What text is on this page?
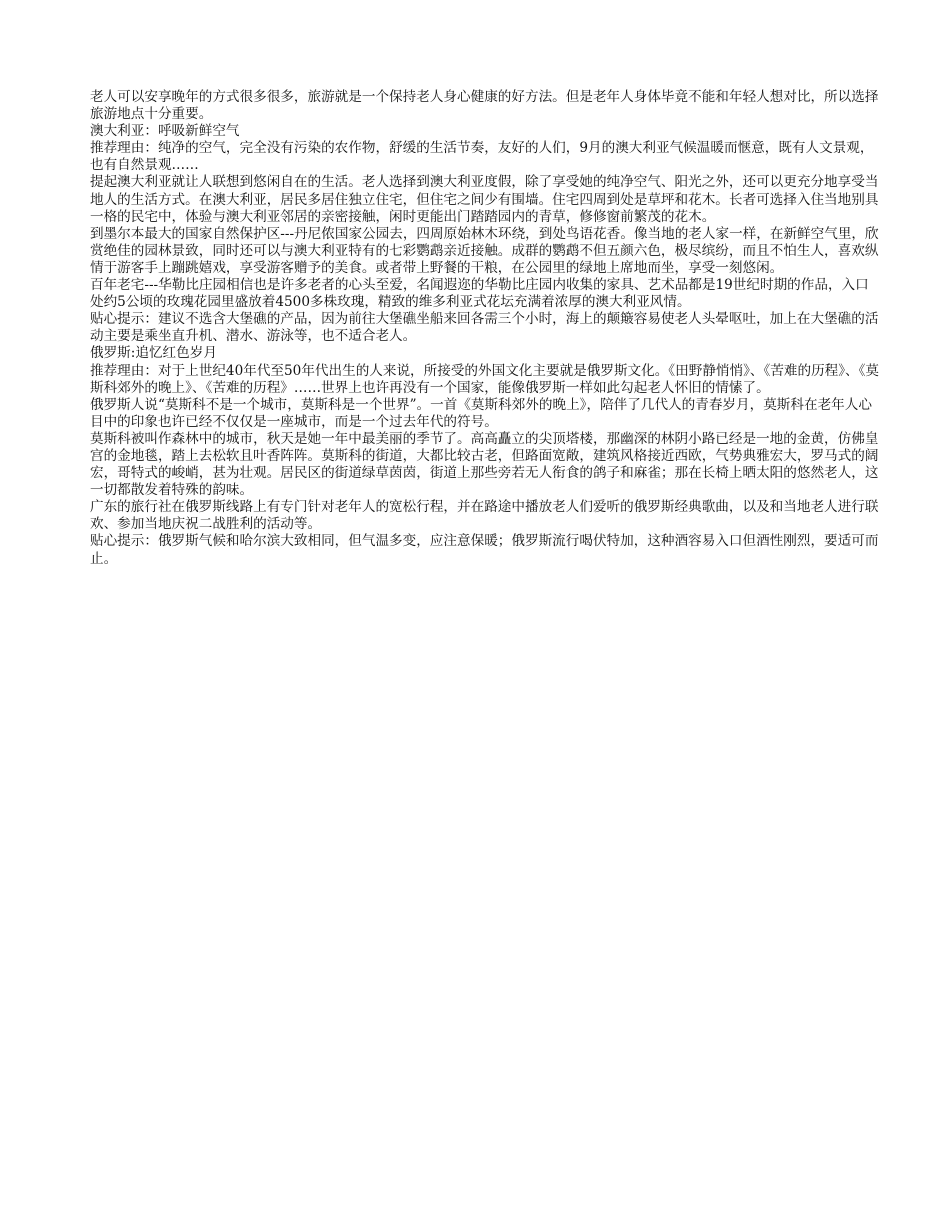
老人可以安享晚年的方式很多很多，旅游就是一个保持老人身心健康的好方法。但是老年人身体毕竟不能和年轻人想对比，所以选择旅游地点十分重要。

澳大利亚：呼吸新鲜空气

推荐理由：纯净的空气，完全没有污染的农作物，舒缓的生活节奏，友好的人们，9月的澳大利亚气候温暖而惬意，既有人文景观，也有自然景观……

提起澳大利亚就让人联想到悠闲自在的生活。老人选择到澳大利亚度假，除了享受她的纯净空气、阳光之外，还可以更充分地享受当地人的生活方式。在澳大利亚，居民多居住独立住宅，但住宅之间少有围墙。住宅四周到处是草坪和花木。长者可选择入住当地别具一格的民宅中，体验与澳大利亚邻居的亲密接触，闲时更能出门踏踏园内的青草，修修窗前繁茂的花木。

到墨尔本最大的国家自然保护区---丹尼侬国家公园去，四周原始林木环绕，到处鸟语花香。像当地的老人家一样，在新鲜空气里，欣赏绝佳的园林景致，同时还可以与澳大利亚特有的七彩鹦鹉亲近接触。成群的鹦鹉不但五颜六色，极尽缤纷，而且不怕生人，喜欢纵情于游客手上蹦跳嬉戏，享受游客赠予的美食。或者带上野餐的干粮，在公园里的绿地上席地而坐，享受一刻悠闲。

百年老宅---华勒比庄园相信也是许多老者的心头至爱，名闻遐迩的华勒比庄园内收集的家具、艺术品都是19世纪时期的作品，入口处约5公顷的玫瑰花园里盛放着4500多株玫瑰，精致的维多利亚式花坛充满着浓厚的澳大利亚风情。

贴心提示：建议不选含大堡礁的产品，因为前往大堡礁坐船来回各需三个小时，海上的颠簸容易使老人头晕呕吐，加上在大堡礁的活动主要是乘坐直升机、潜水、游泳等，也不适合老人。

俄罗斯:追忆红色岁月

推荐理由：对于上世纪40年代至50年代出生的人来说，所接受的外国文化主要就是俄罗斯文化。《田野静悄悄》、《苦难的历程》、《莫斯科郊外的晚上》、《苦难的历程》……世界上也许再没有一个国家，能像俄罗斯一样如此勾起老人怀旧的情愫了。

俄罗斯人说“莫斯科不是一个城市，莫斯科是一个世界”。一首《莫斯科郊外的晚上》，陪伴了几代人的青春岁月，莫斯科在老年人心目中的印象也许已经不仅仅是一座城市，而是一个过去年代的符号。

莫斯科被叫作森林中的城市，秋天是她一年中最美丽的季节了。高高矗立的尖顶塔楼，那幽深的林阴小路已经是一地的金黄，仿佛皇宫的金地毯，踏上去松软且叶香阵阵。莫斯科的街道，大都比较古老，但路面宽敞，建筑风格接近西欧，气势典雅宏大，罗马式的阔宏，哥特式的峻峭，甚为壮观。居民区的街道绿草茵茵，街道上那些旁若无人衔食的鸽子和麻雀；那在长椅上晒太阳的悠然老人，这一切都散发着特殊的韵味。

广东的旅行社在俄罗斯线路上有专门针对老年人的宽松行程，并在路途中播放老人们爱听的俄罗斯经典歌曲，以及和当地老人进行联欢、参加当地庆祝二战胜利的活动等。

贴心提示：俄罗斯气候和哈尔滨大致相同，但气温多变，应注意保暖；俄罗斯流行喝伏特加，这种酒容易入口但酒性刚烈，要适可而止。
